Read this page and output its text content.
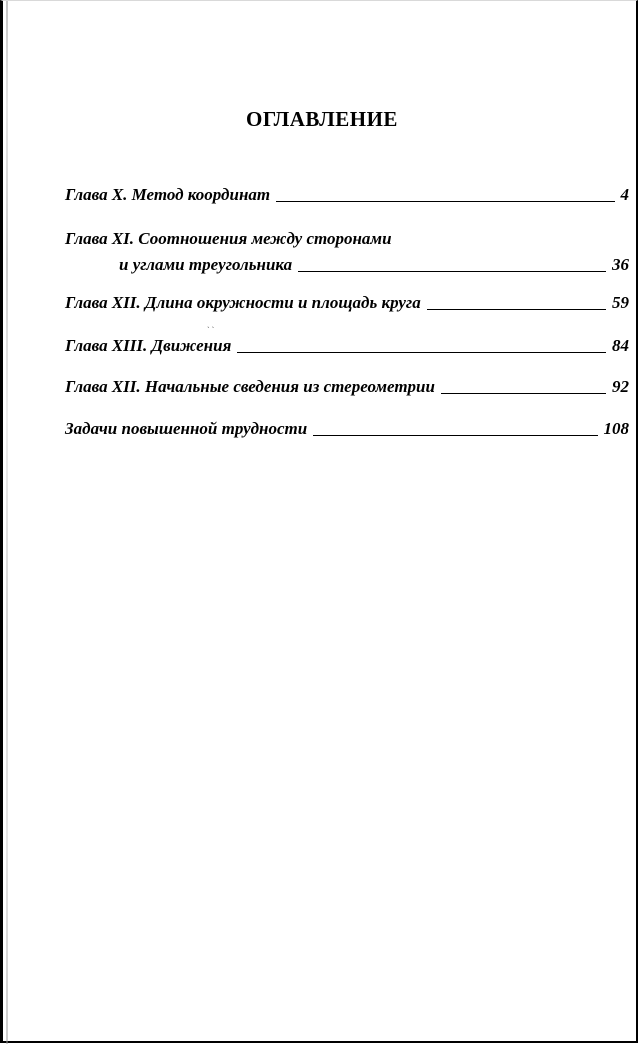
ОГЛАВЛЕНИЕ
Глава X. Метод координат	4
Глава XI. Соотношения между сторонами
и углами треугольника	36
Глава XII. Длина окружности и площадь круга	59
ˎ ˏ
Глава XIII. Движения	84
Глава XII. Начальные сведения из стереометрии	92
Задачи повышенной трудности	108
